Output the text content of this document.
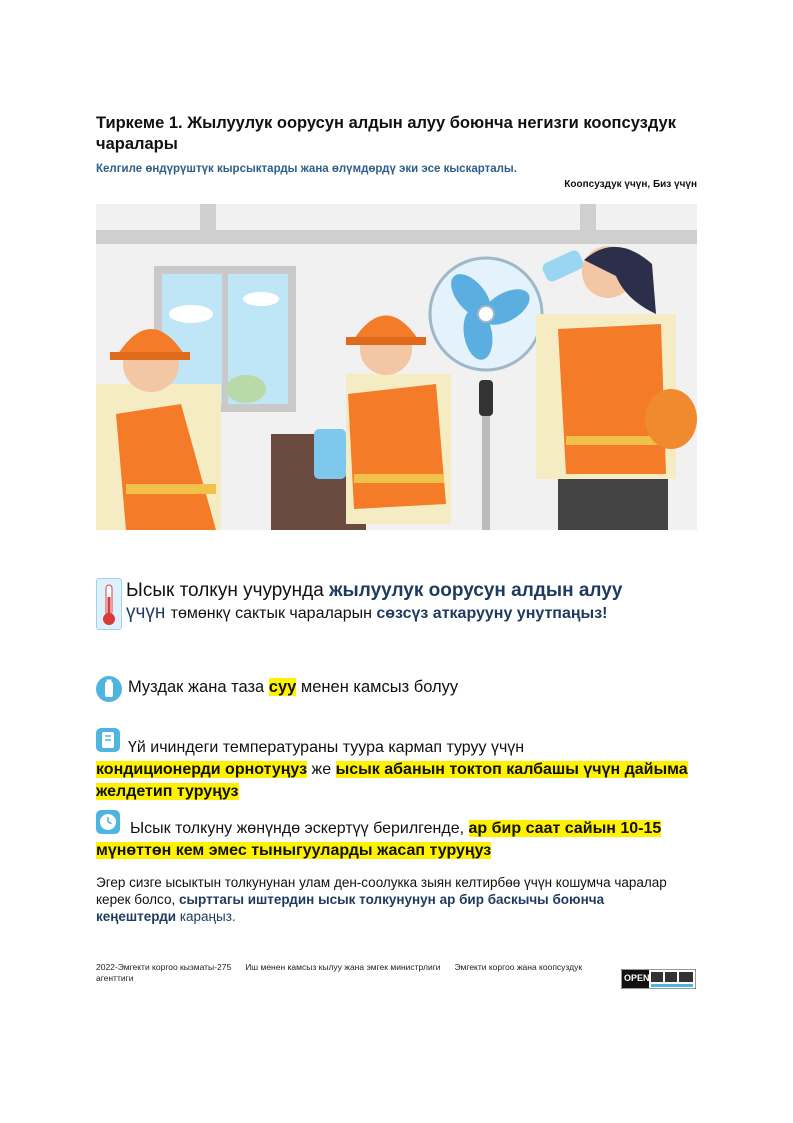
Тиркеме 1. Жылуулук оорусун алдын алуу боюнча негизги коопсуздук чаралары
Келгиле өндүрүштүк кырсыктарды жана өлүмдөрдү эки эсе кыскарталы.
Коопсуздук үчүн, Биз үчүн
Ысык толкун учурунда жылуулук оорусун алдын алуу үчүн төмөнкү сактык чараларын сөзсүз аткарууну унутпаңыз!
Муздак жана таза суу менен камсыз болуу
Үй ичиндеги температураны туура кармап туруу үчүн
кондиционерди орнотуңуз же ысык абанын токтоп калбашы үчүн дайыма желдетип туруңуз
Ысык толкуну жөнүндө эскертүү берилгенде, ар бир саат сайын 10-15 мүнөттөн кем эмес тыныгууларды жасап туруңуз
Эгер сизге ысыктын толкунунан улам ден-соолукка зыян келтирбөө үчүн кошумча чаралар керек болсо, сырттагы иштердин ысык толкунунун ар бир баскычы боюнча кеңештерди караңыз.
2022-Эмгекти коргоо кызматы-275 Иш менен камсыз кылуу жана эмгек министрлиги Эмгекти коргоо жана коопсуздук агенттиги	OPEN
